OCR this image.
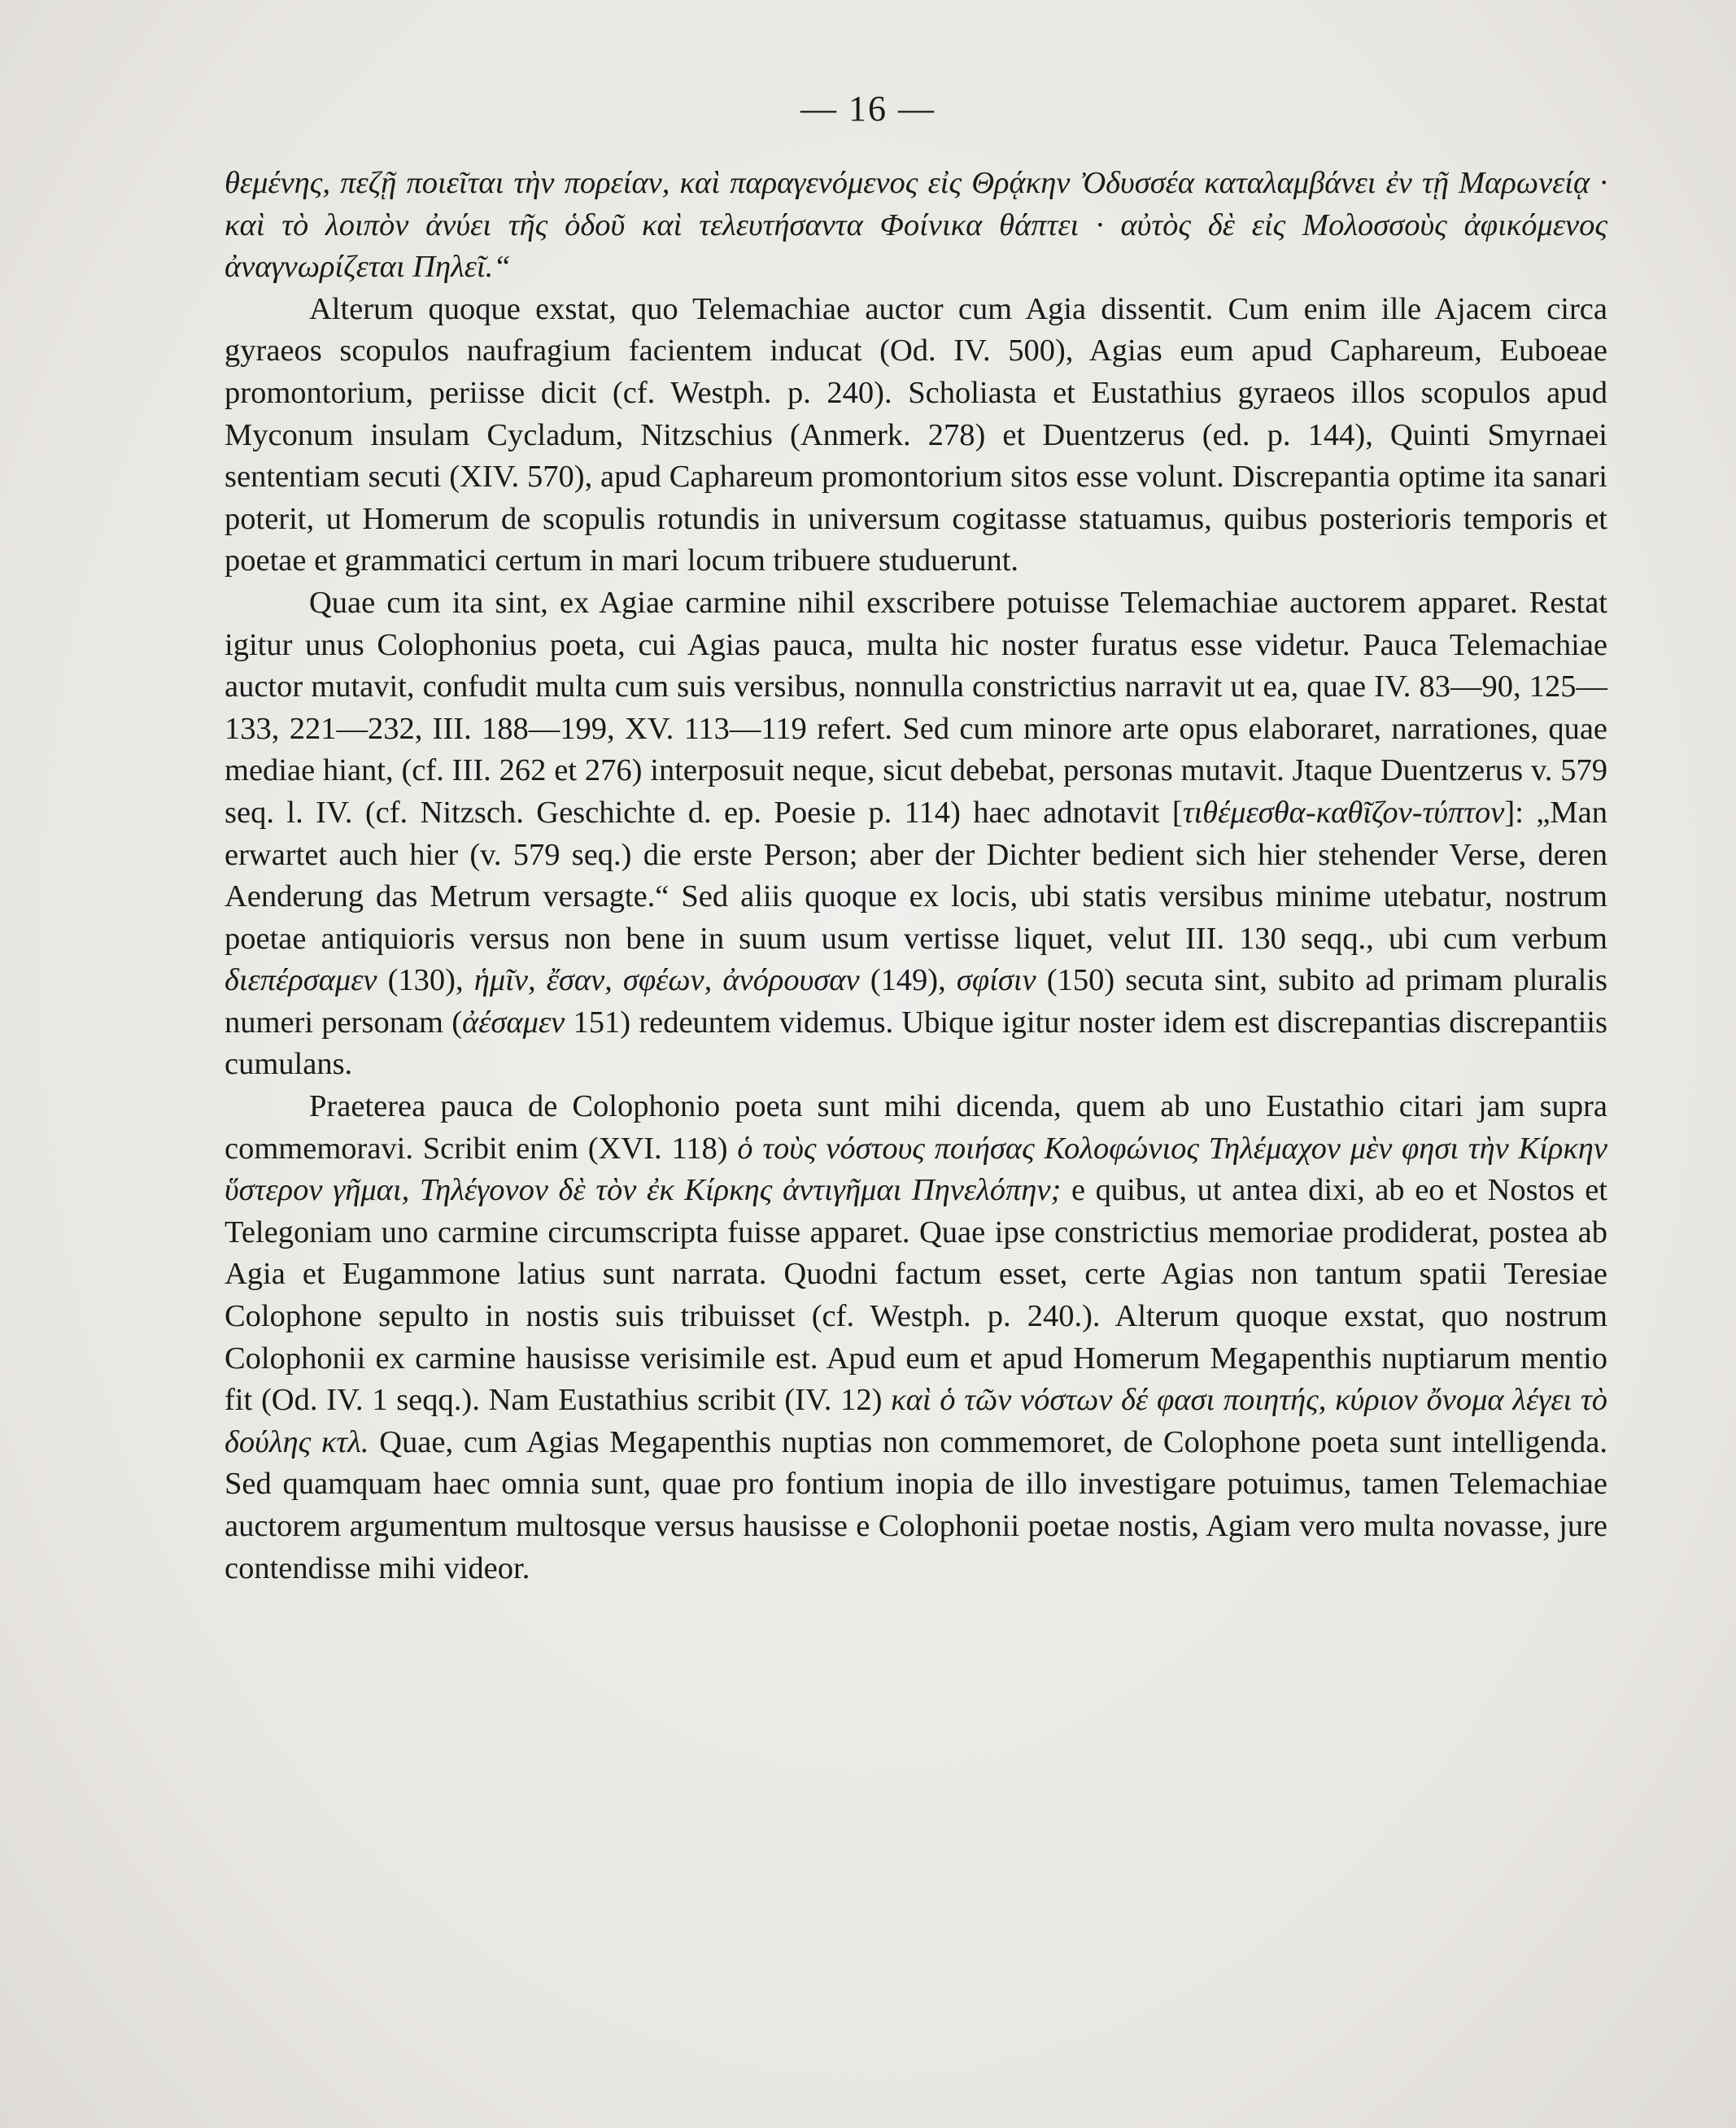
— 16 —

θεμένης, πεζῇ ποιεῖται τὴν πορείαν, καὶ παραγενόμενος εἰς Θρᾴκην Ὀδυσσέα καταλαμβάνει ἐν τῇ Μαρωνείᾳ · καὶ τὸ λοιπὸν ἀνύει τῆς ὁδοῦ καὶ τελευτήσαντα Φοίνικα θάπτει · αὐτὸς δὲ εἰς Μολοσσοὺς ἀφικόμενος ἀναγνωρίζεται Πηλεῖ.“

Alterum quoque exstat, quo Telemachiae auctor cum Agia dissentit. Cum enim ille Ajacem circa gyraeos scopulos naufragium facientem inducat (Od. IV. 500), Agias eum apud Caphareum, Euboeae promontorium, periisse dicit (cf. Westph. p. 240). Scholiasta et Eustathius gyraeos illos scopulos apud Myconum insulam Cycladum, Nitzschius (Anmerk. 278) et Duentzerus (ed. p. 144), Quinti Smyrnaei sententiam secuti (XIV. 570), apud Caphareum promontorium sitos esse volunt. Discrepantia optime ita sanari poterit, ut Homerum de scopulis rotundis in universum cogitasse statuamus, quibus posterioris temporis et poetae et grammatici certum in mari locum tribuere studuerunt.

Quae cum ita sint, ex Agiae carmine nihil exscribere potuisse Telemachiae auctorem apparet. Restat igitur unus Colophonius poeta, cui Agias pauca, multa hic noster furatus esse videtur. Pauca Telemachiae auctor mutavit, confudit multa cum suis versibus, nonnulla constrictius narravit ut ea, quae IV. 83—90, 125—133, 221—232, III. 188—199, XV. 113—119 refert. Sed cum minore arte opus elaboraret, narrationes, quae mediae hiant, (cf. III. 262 et 276) interposuit neque, sicut debebat, personas mutavit. Jtaque Duentzerus v. 579 seq. l. IV. (cf. Nitzsch. Geschichte d. ep. Poesie p. 114) haec adnotavit [τιθέμεσθα-καθῖζον-τύπτον]: „Man erwartet auch hier (v. 579 seq.) die erste Person; aber der Dichter bedient sich hier stehender Verse, deren Aenderung das Metrum versagte.“ Sed aliis quoque ex locis, ubi statis versibus minime utebatur, nostrum poetae antiquioris versus non bene in suum usum vertisse liquet, velut III. 130 seqq., ubi cum verbum διεπέρσαμεν (130), ἡμῖν, ἔσαν, σφέων, ἀνόρουσαν (149), σφίσιν (150) secuta sint, subito ad primam pluralis numeri personam (ἀέσαμεν 151) redeuntem videmus. Ubique igitur noster idem est discrepantias discrepantiis cumulans.

Praeterea pauca de Colophonio poeta sunt mihi dicenda, quem ab uno Eustathio citari jam supra commemoravi. Scribit enim (XVI. 118) ὁ τοὺς νόστους ποιήσας Κολοφώνιος Τηλέμαχον μὲν φησι τὴν Κίρκην ὕστερον γῆμαι, Τηλέγονον δὲ τὸν ἐκ Κίρκης ἀντιγῆμαι Πηνελόπην; e quibus, ut antea dixi, ab eo et Nostos et Telegoniam uno carmine circumscripta fuisse apparet. Quae ipse constrictius memoriae prodiderat, postea ab Agia et Eugammone latius sunt narrata. Quodni factum esset, certe Agias non tantum spatii Teresiae Colophone sepulto in nostis suis tribuisset (cf. Westph. p. 240.). Alterum quoque exstat, quo nostrum Colophonii ex carmine hausisse verisimile est. Apud eum et apud Homerum Megapenthis nuptiarum mentio fit (Od. IV. 1 seqq.). Nam Eustathius scribit (IV. 12) καὶ ὁ τῶν νόστων δέ φασι ποιητής, κύριον ὄνομα λέγει τὸ δούλης κτλ. Quae, cum Agias Megapenthis nuptias non commemoret, de Colophone poeta sunt intelligenda. Sed quamquam haec omnia sunt, quae pro fontium inopia de illo investigare potuimus, tamen Telemachiae auctorem argumentum multosque versus hausisse e Colophonii poetae nostis, Agiam vero multa novasse, jure contendisse mihi videor.
